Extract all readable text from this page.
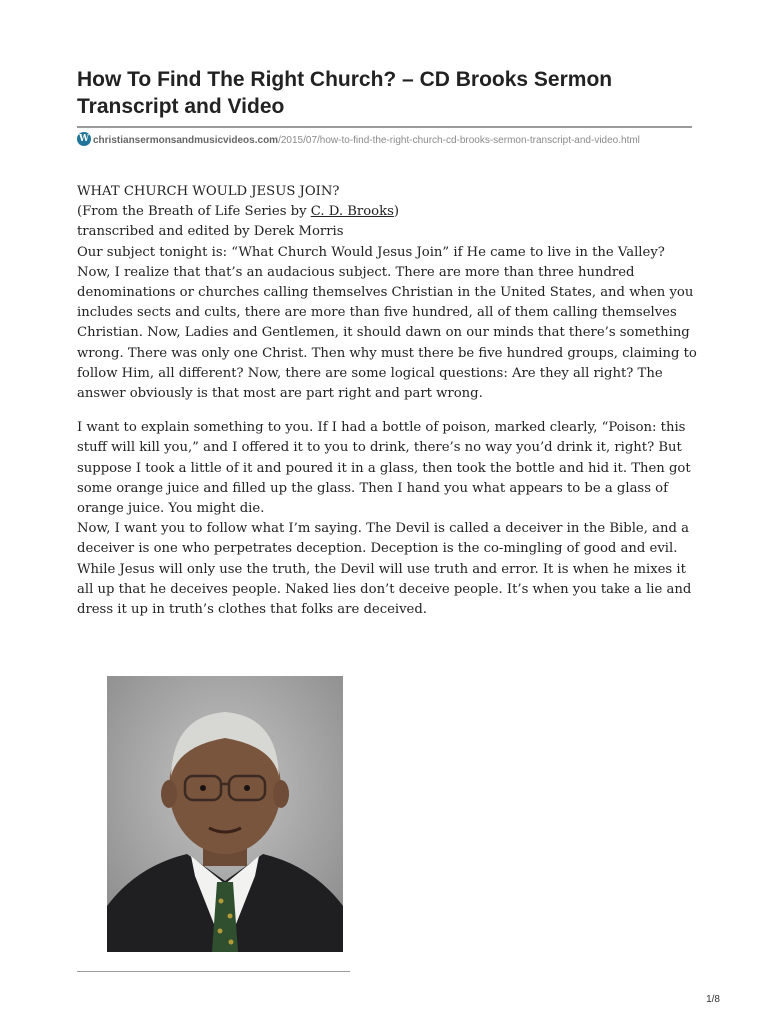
How To Find The Right Church? – CD Brooks Sermon Transcript and Video
Wchristiansermonsandmusicvideos.com/2015/07/how-to-find-the-right-church-cd-brooks-sermon-transcript-and-video.html

WHAT CHURCH WOULD JESUS JOIN?

(From the Breath of Life Series by C. D. Brooks)

transcribed and edited by Derek Morris

Our subject tonight is: “What Church Would Jesus Join” if He came to live in the Valley? Now, I realize that that’s an audacious subject. There are more than three hundred denominations or churches calling themselves Christian in the United States, and when you includes sects and cults, there are more than five hundred, all of them calling themselves Christian. Now, Ladies and Gentlemen, it should dawn on our minds that there’s something wrong. There was only one Christ. Then why must there be five hundred groups, claiming to follow Him, all different? Now, there are some logical questions: Are they all right? The answer obviously is that most are part right and part wrong.

I want to explain something to you. If I had a bottle of poison, marked clearly, “Poison: this stuff will kill you,” and I offered it to you to drink, there’s no way you’d drink it, right? But suppose I took a little of it and poured it in a glass, then took the bottle and hid it. Then got some orange juice and filled up the glass. Then I hand you what appears to be a glass of orange juice. You might die.

Now, I want you to follow what I’m saying. The Devil is called a deceiver in the Bible, and a deceiver is one who perpetrates deception. Deception is the co-mingling of good and evil. While Jesus will only use the truth, the Devil will use truth and error. It is when he mixes it all up that he deceives people. Naked lies don’t deceive people. It’s when you take a lie and dress it up in truth’s clothes that folks are deceived.

1/8
